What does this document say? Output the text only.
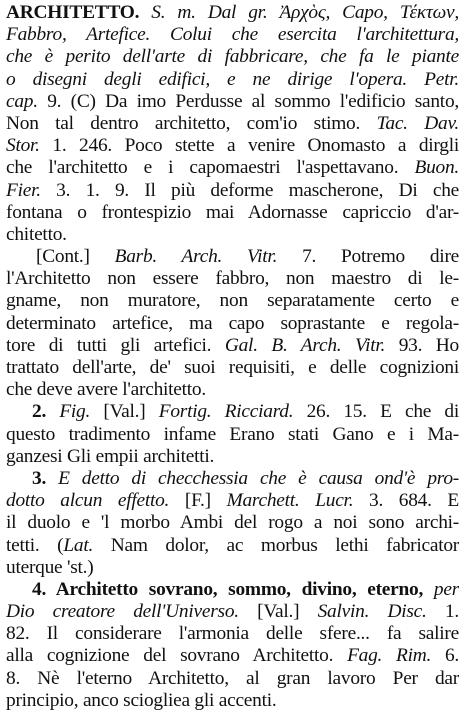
ARCHITETTO. S. m. Dal gr. Ἀρχὸς, Capo, Τέκτων,
Fabbro, Artefice. Colui che esercita l'architettura,
che è perito dell'arte di fabbricare, che fa le piante
o disegni degli edifici, e ne dirige l'opera. Petr.
cap. 9. (C) Da imo Perdusse al sommo l'edificio santo,
Non tal dentro architetto, com'io stimo. Tac. Dav.
Stor. 1. 246. Poco stette a venire Onomasto a dirgli
che l'architetto e i capomaestri l'aspettavano. Buon.
Fier. 3. 1. 9. Il più deforme mascherone, Di che
fontana o frontespizio mai Adornasse capriccio d'ar-
chitetto.
[Cont.] Barb. Arch. Vitr. 7. Potremo dire
l'Architetto non essere fabbro, non maestro di le-
gname, non muratore, non separatamente certo e
determinato artefice, ma capo soprastante e regola-
tore di tutti gli artefici. Gal. B. Arch. Vitr. 93. Ho
trattato dell'arte, de' suoi requisiti, e delle cognizioni
che deve avere l'architetto.
2. Fig. [Val.] Fortig. Ricciard. 26. 15. E che di
questo tradimento infame Erano stati Gano e i Ma-
ganzesi Gli empii architetti.
3. E detto di checchessia che è causa ond'è pro-
dotto alcun effetto. [F.] Marchett. Lucr. 3. 684. E
il duolo e 'l morbo Ambi del rogo a noi sono archi-
tetti. (Lat. Nam dolor, ac morbus lethi fabricator
uterque 'st.)
4. Architetto sovrano, sommo, divino, eterno, per
Dio creatore dell'Universo. [Val.] Salvin. Disc. 1.
82. Il considerare l'armonia delle sfere... fa salire
alla cognizione del sovrano Architetto. Fag. Rim. 6.
8. Nè l'eterno Architetto, al gran lavoro Per dar
principio, anco scioglieа gli accenti.
